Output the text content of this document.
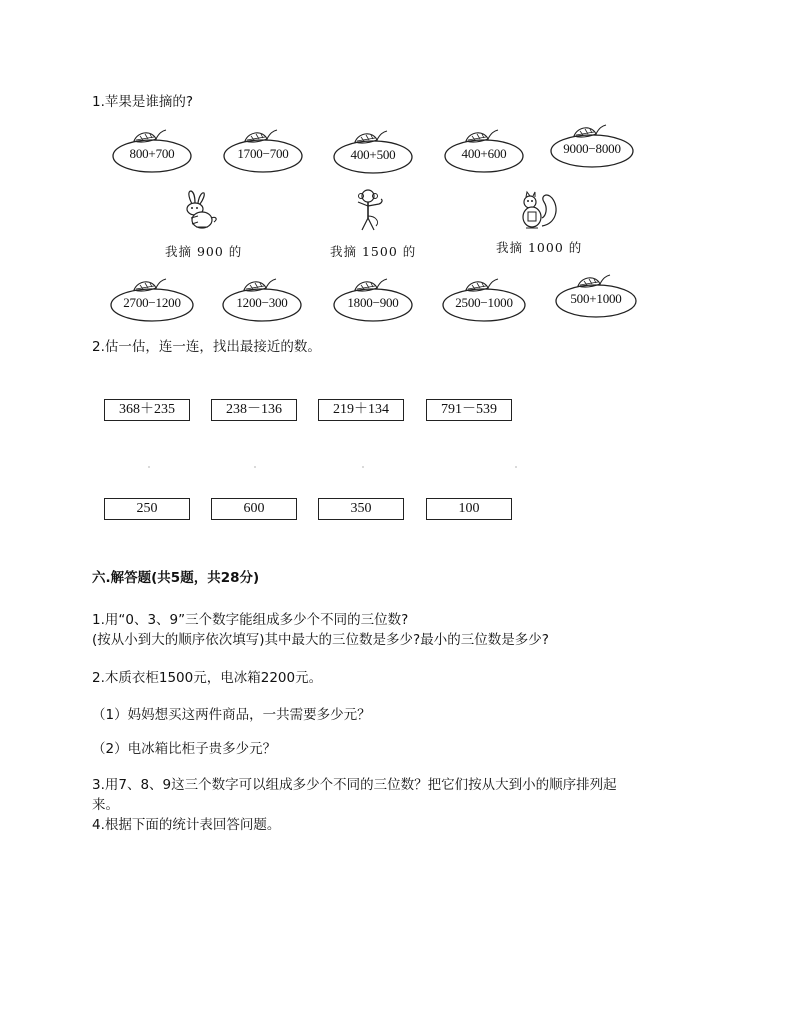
1.苹果是谁摘的?
800+700	1700−700	400+500	400+600	9000−8000
我摘 900 的	我摘 1500 的	我摘 1000 的
2700−1200	1200−300	1800−900	2500−1000	500+1000
2.估一估，连一连，找出最接近的数。
368＋235	238－136	219＋134	791－539
250	600	350	100
六.解答题(共5题，共28分)
1.用“0、3、9”三个数字能组成多少个不同的三位数?
(按从小到大的顺序依次填写)其中最大的三位数是多少?最小的三位数是多少?
2.木质衣柜1500元，电冰箱2200元。
（1）妈妈想买这两件商品，一共需要多少元？
（2）电冰箱比柜子贵多少元？
3.用7、8、9这三个数字可以组成多少个不同的三位数？把它们按从大到小的顺序排列起
来。
4.根据下面的统计表回答问题。
